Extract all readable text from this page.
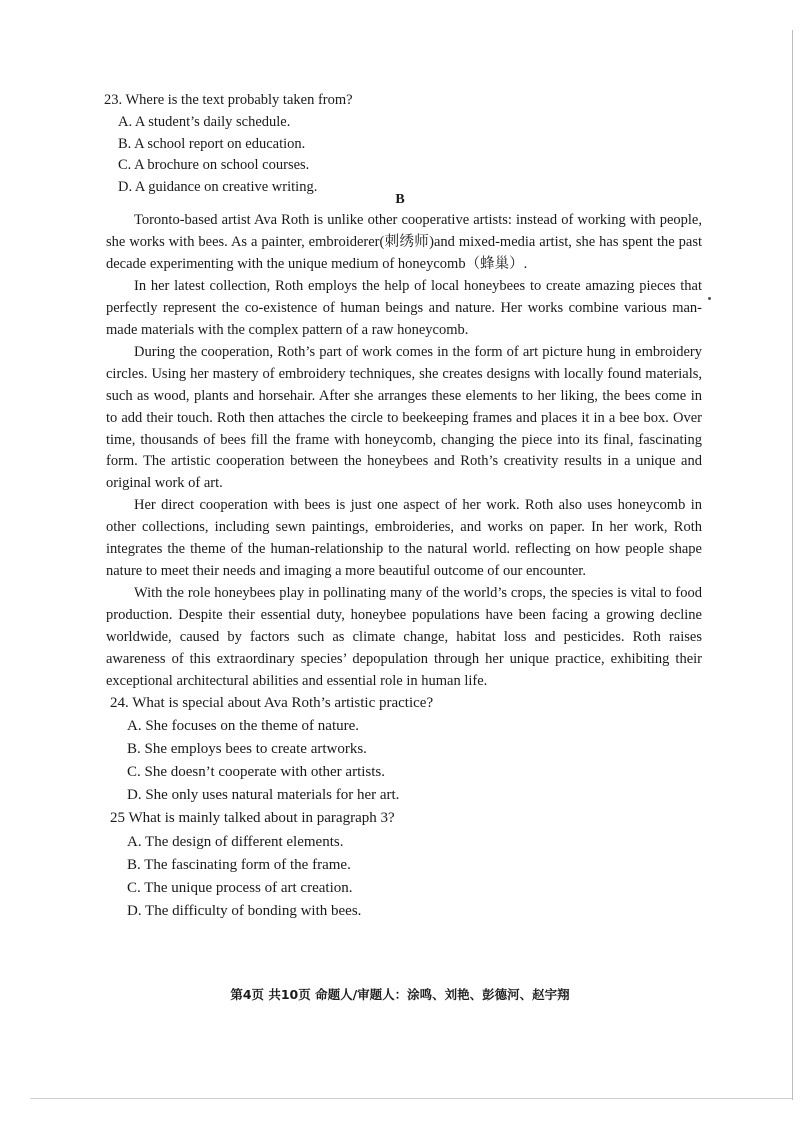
23. Where is the text probably taken from?
A. A student’s daily schedule.
B. A school report on education.
C. A brochure on school courses.
D. A guidance on creative writing.
B

Toronto-based artist Ava Roth is unlike other cooperative artists: instead of working with people, she works with bees. As a painter, embroiderer(刺绣师)and mixed-media artist, she has spent the past decade experimenting with the unique medium of honeycomb（蜂巢）.

In her latest collection, Roth employs the help of local honeybees to create amazing pieces that perfectly represent the co-existence of human beings and nature. Her works combine various man-made materials with the complex pattern of a raw honeycomb.

During the cooperation, Roth’s part of work comes in the form of art picture hung in embroidery circles. Using her mastery of embroidery techniques, she creates designs with locally found materials, such as wood, plants and horsehair. After she arranges these elements to her liking, the bees come in to add their touch. Roth then attaches the circle to beekeeping frames and places it in a bee box. Over time, thousands of bees fill the frame with honeycomb, changing the piece into its final, fascinating form. The artistic cooperation between the honeybees and Roth’s creativity results in a unique and original work of art.

Her direct cooperation with bees is just one aspect of her work. Roth also uses honeycomb in other collections, including sewn paintings, embroideries, and works on paper. In her work, Roth integrates the theme of the human-relationship to the natural world. reflecting on how people shape nature to meet their needs and imaging a more beautiful outcome of our encounter.

With the role honeybees play in pollinating many of the world’s crops, the species is vital to food production. Despite their essential duty, honeybee populations have been facing a growing decline worldwide, caused by factors such as climate change, habitat loss and pesticides. Roth raises awareness of this extraordinary species’ depopulation through her unique practice, exhibiting their exceptional architectural abilities and essential role in human life.

24. What is special about Ava Roth’s artistic practice?
A. She focuses on the theme of nature.
B. She employs bees to create artworks.
C. She doesn’t cooperate with other artists.
D. She only uses natural materials for her art.
25 What is mainly talked about in paragraph 3?
A. The design of different elements.
B. The fascinating form of the frame.
C. The unique process of art creation.
D. The difficulty of bonding with bees.
第4页 共10页 命题人/审题人：涂鸣、刘艳、彭德河、赵宇翔
